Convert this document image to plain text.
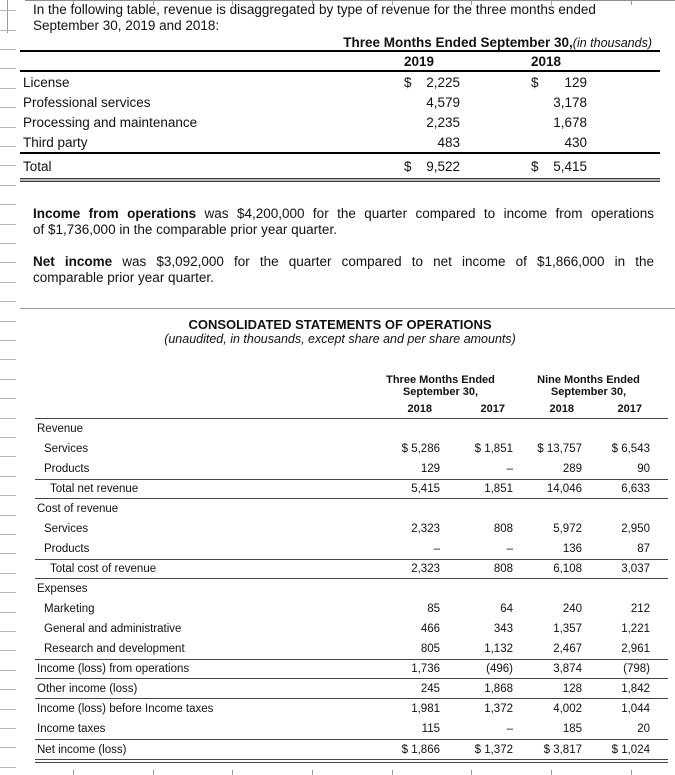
In the following table, revenue is disaggregated by type of revenue for the three months ended
September 30, 2019 and 2018:
Three Months Ended September 30, (in thousands)
2019	2018
License	$ 2,225	$ 129
Professional services	4,579	3,178
Processing and maintenance	2,235	1,678
Third party	483	430
Total	$ 9,522	$ 5,415
Income from operations was $4,200,000 for the quarter compared to income from operations
of $1,736,000 in the comparable prior year quarter.
Net income was $3,092,000 for the quarter compared to net income of $1,866,000 in the
comparable prior year quarter.
CONSOLIDATED STATEMENTS OF OPERATIONS
(unaudited, in thousands, except share and per share amounts)
Three Months Ended
September 30,
Nine Months Ended
September 30,
2018	2017	2018	2017
Revenue
Services	$ 5,286	$ 1,851	$ 13,757	$ 6,543
Products	129	–	289	90
Total net revenue	5,415	1,851	14,046	6,633
Cost of revenue
Services	2,323	808	5,972	2,950
Products	–	–	136	87
Total cost of revenue	2,323	808	6,108	3,037
Expenses
Marketing	85	64	240	212
General and administrative	466	343	1,357	1,221
Research and development	805	1,132	2,467	2,961
Income (loss) from operations	1,736	(496)	3,874	(798)
Other income (loss)	245	1,868	128	1,842
Income (loss) before Income taxes	1,981	1,372	4,002	1,044
Income taxes	115	–	185	20
Net income (loss)	$ 1,866	$ 1,372	$ 3,817	$ 1,024
